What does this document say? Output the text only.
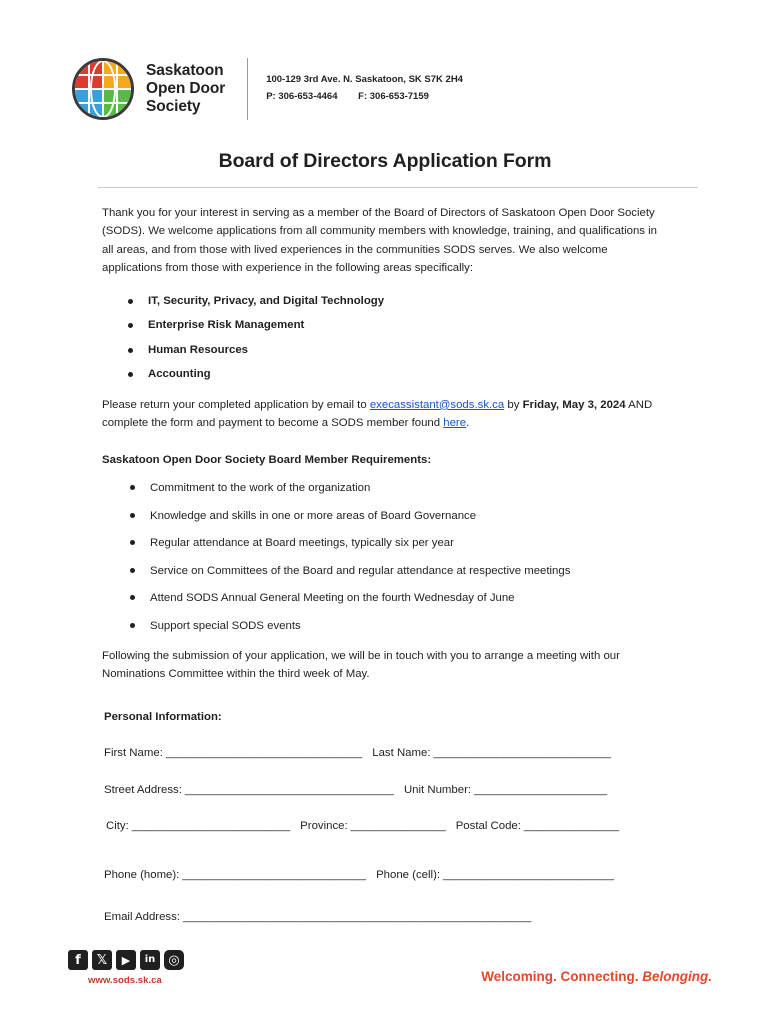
Saskatoon
Open Door
Society
100-129 3rd Ave. N. Saskatoon, SK S7K 2H4
P: 306-653-4464 F: 306-653-7159
Board of Directors Application Form

Thank you for your interest in serving as a member of the Board of Directors of Saskatoon Open Door Society (SODS). We welcome applications from all community members with knowledge, training, and qualifications in all areas, and from those with lived experiences in the communities SODS serves. We also welcome applications from those with experience in the following areas specifically:

IT, Security, Privacy, and Digital Technology
Enterprise Risk Management
Human Resources
Accounting

Please return your completed application by email to execassistant@sods.sk.ca by Friday, May 3, 2024 AND complete the form and payment to become a SODS member found here.

Saskatoon Open Door Society Board Member Requirements:

Commitment to the work of the organization
Knowledge and skills in one or more areas of Board Governance
Regular attendance at Board meetings, typically six per year
Service on Committees of the Board and regular attendance at respective meetings
Attend SODS Annual General Meeting on the fourth Wednesday of June
Support special SODS events

Following the submission of your application, we will be in touch with you to arrange a meeting with our Nominations Committee within the third week of May.

Personal Information:

First Name: _______________________________ Last Name: ____________________________
Street Address: _________________________________ Unit Number: _____________________
City: _________________________ Province: _______________ Postal Code: _______________
Phone (home): _____________________________ Phone (cell): ___________________________
Email Address: _______________________________________________________
f	𝕏	▶	in	◎
www.sods.sk.ca	Welcoming. Connecting. Belonging.
